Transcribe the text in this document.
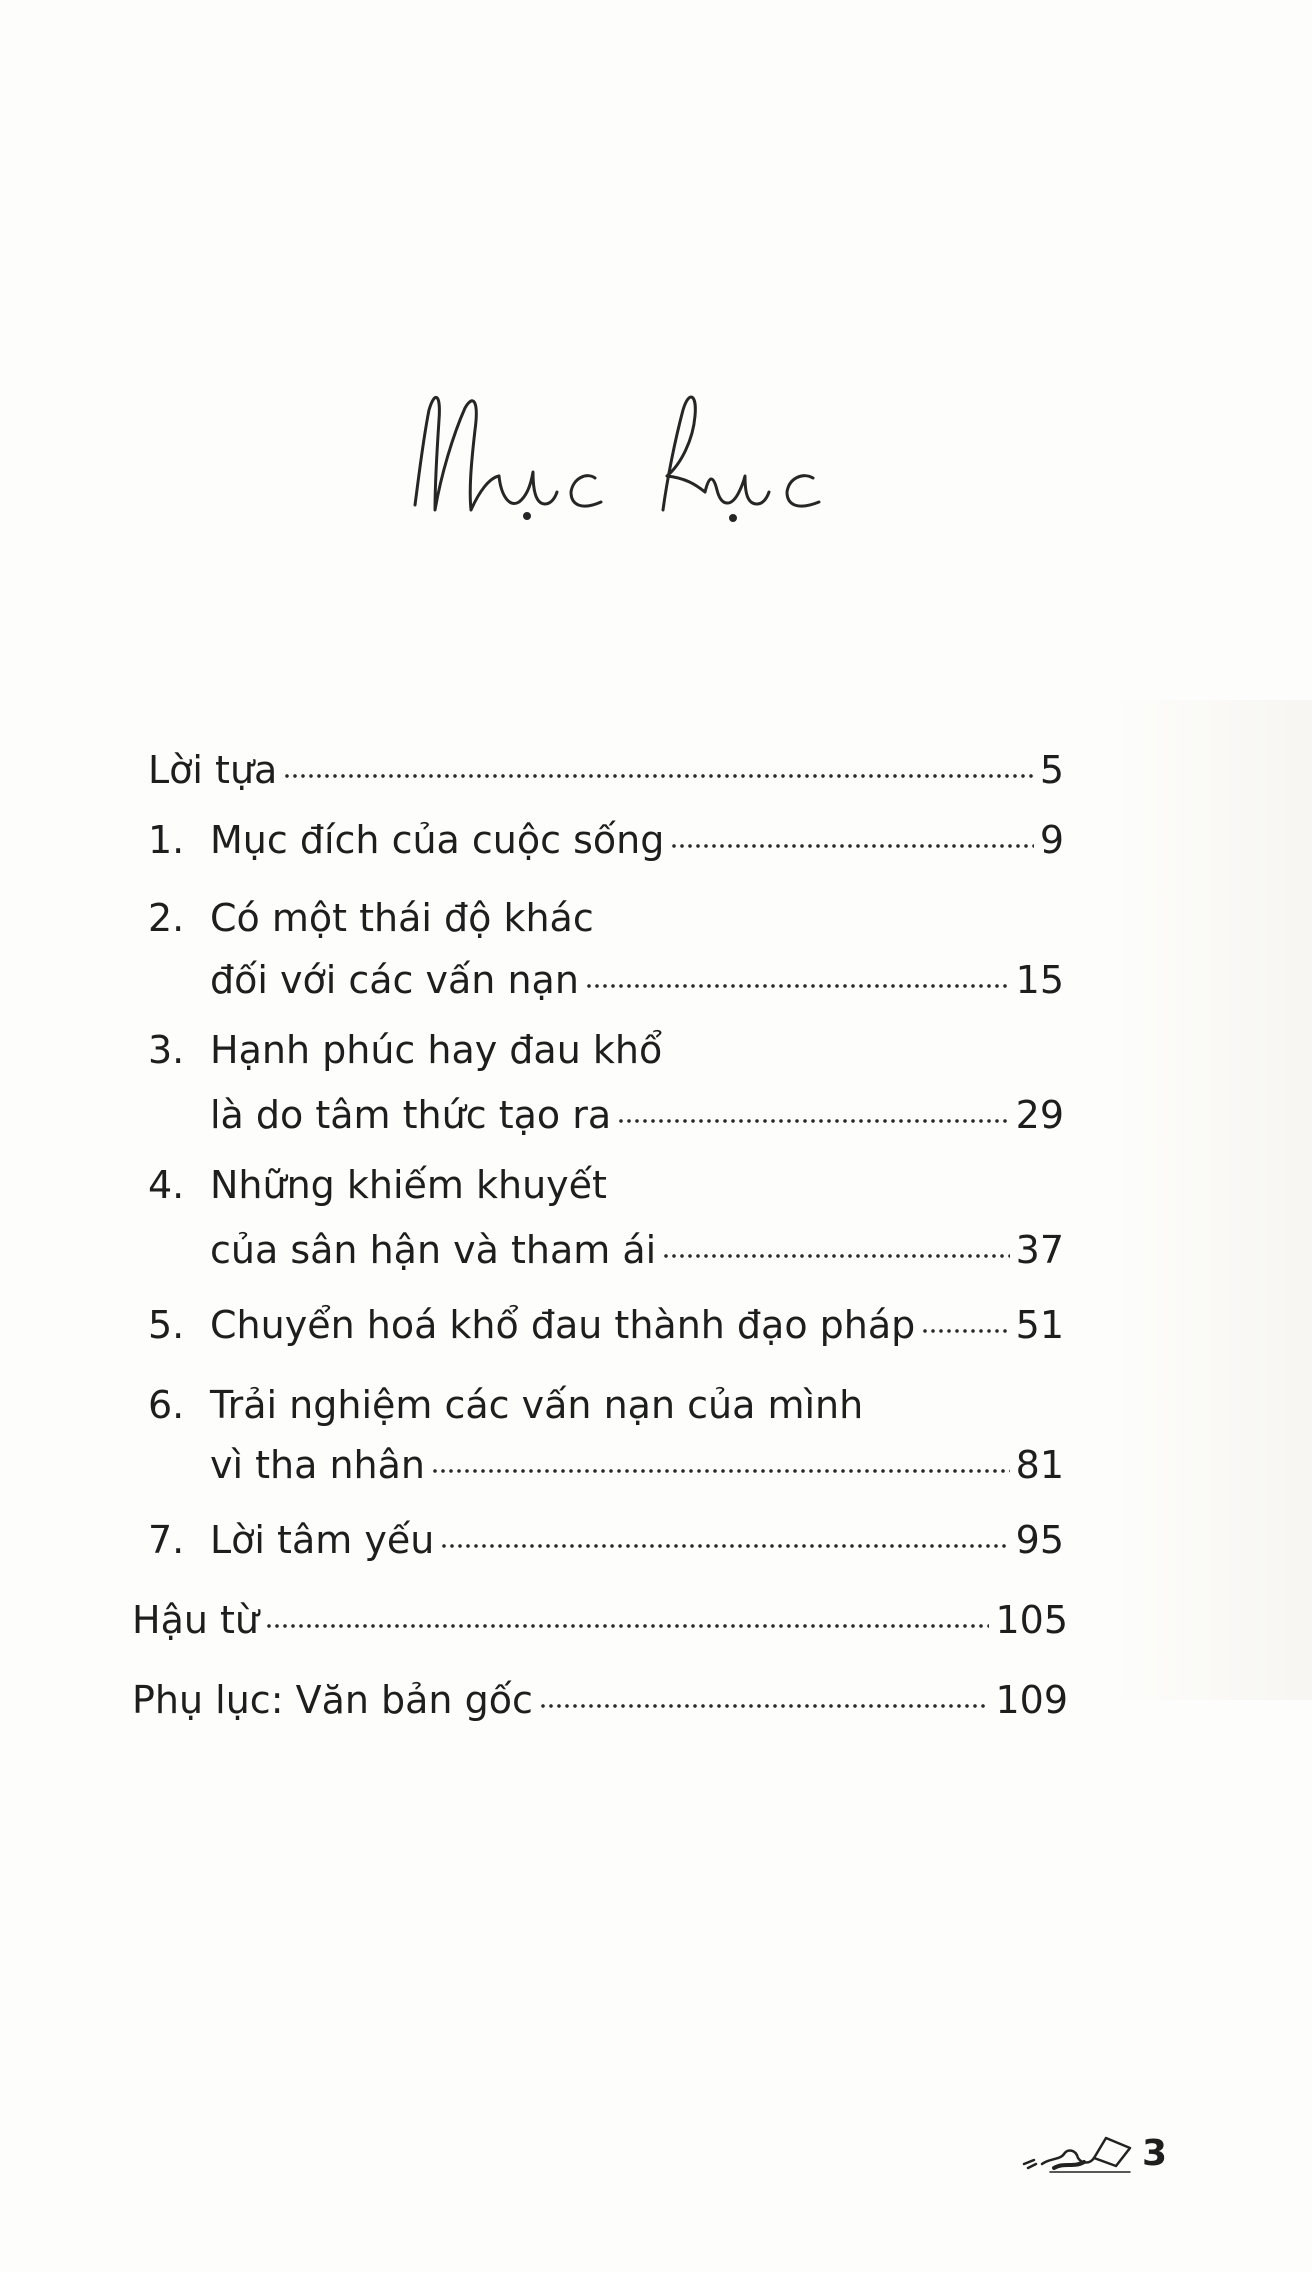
Lời tựa	5
1. Mục đích của cuộc sống	9
2. Có một thái độ khác
đối với các vấn nạn	15
3. Hạnh phúc hay đau khổ
là do tâm thức tạo ra	29
4. Những khiếm khuyết
của sân hận và tham ái	37
5. Chuyển hoá khổ đau thành đạo pháp	51
6. Trải nghiệm các vấn nạn của mình
vì tha nhân	81
7. Lời tâm yếu	95
Hậu từ	105
Phụ lục: Văn bản gốc	109
3
